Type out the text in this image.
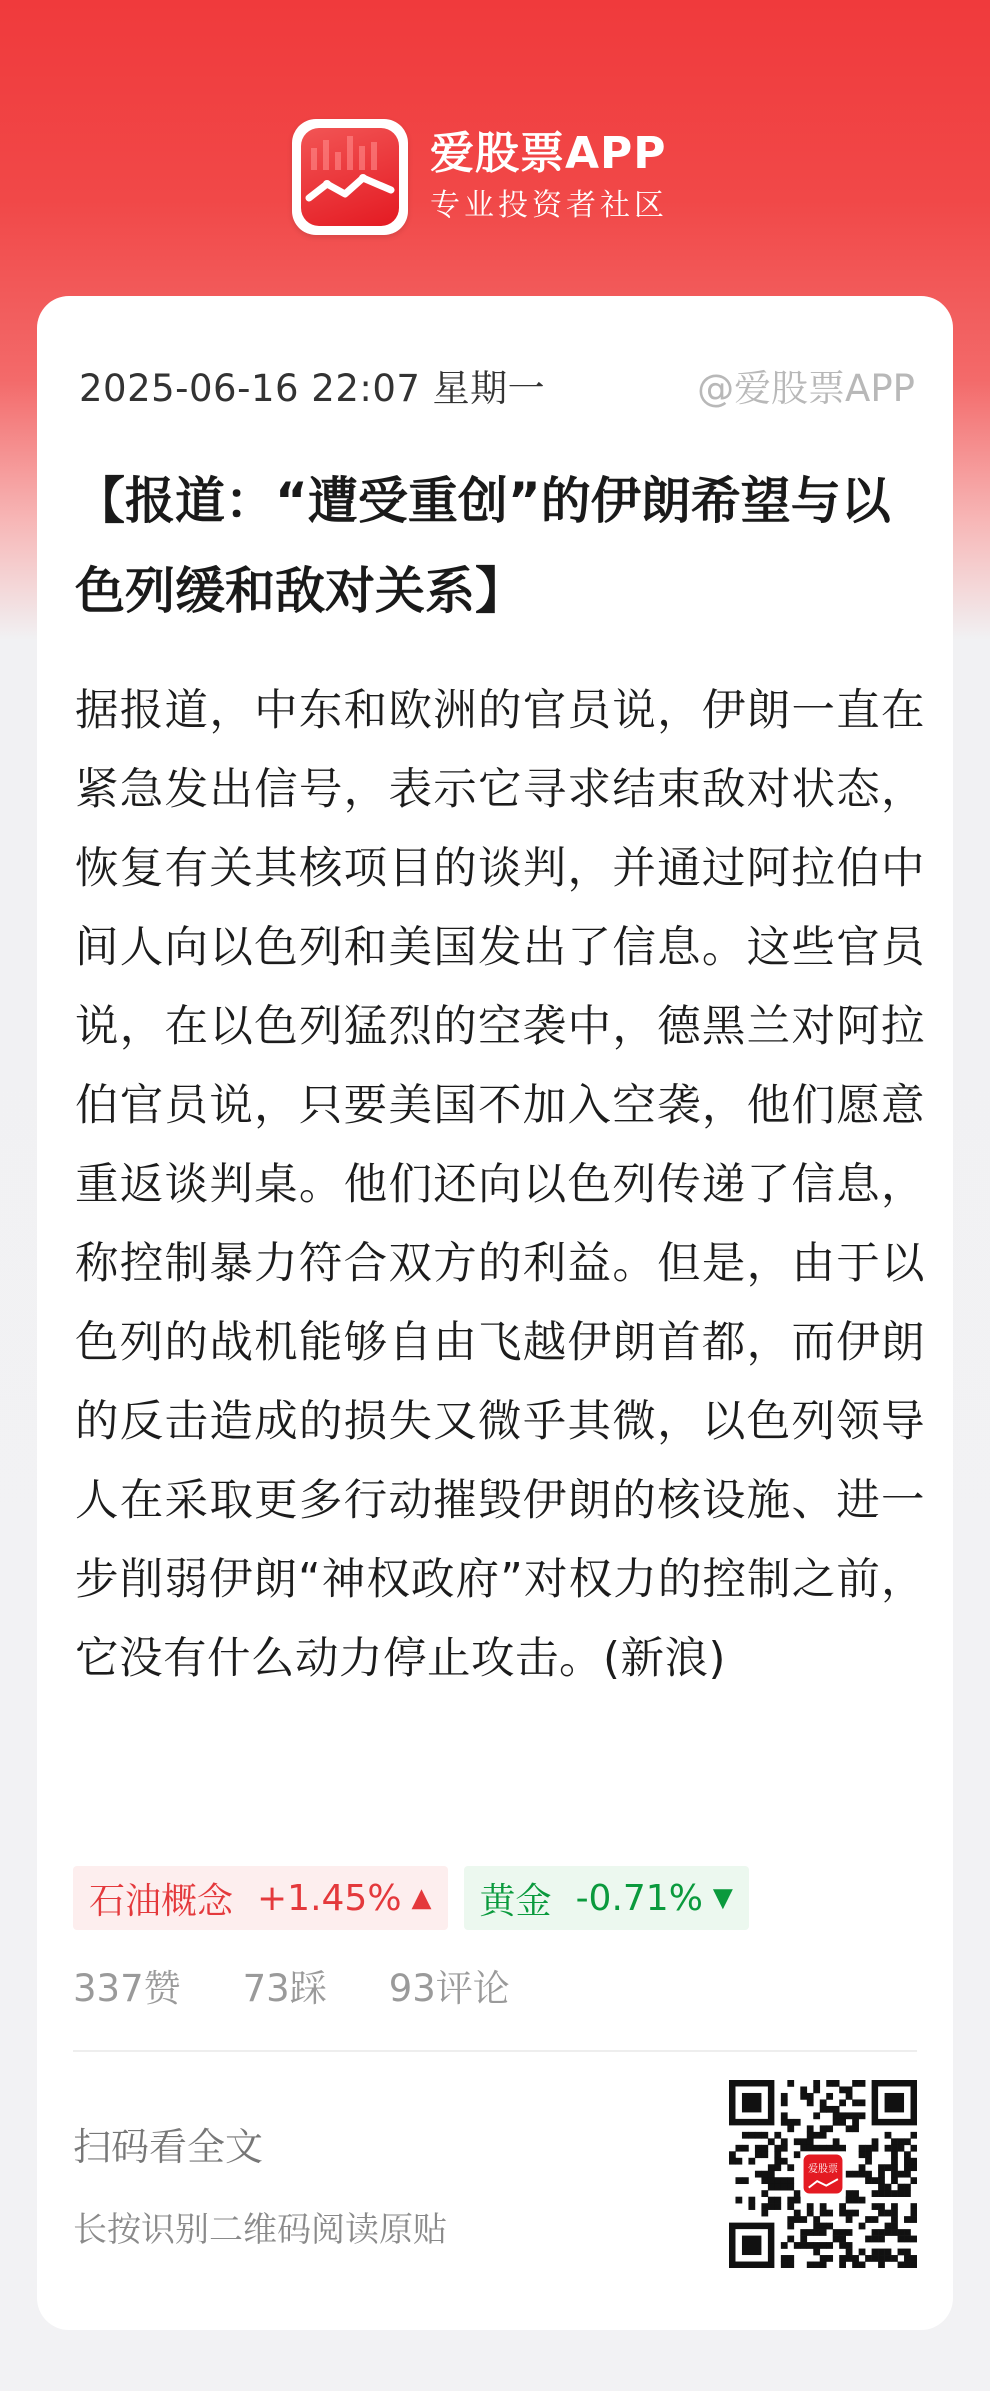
爱股票APP
专业投资者社区
2025-06-16 22:07 星期一	@爱股票APP
【报道：“遭受重创”的伊朗希望与以色列缓和敌对关系】
据报道，中东和欧洲的官员说，伊朗一直在紧急发出信号，表示它寻求结束敌对状态，恢复有关其核项目的谈判，并通过阿拉伯中间人向以色列和美国发出了信息。这些官员说，在以色列猛烈的空袭中，德黑兰对阿拉伯官员说，只要美国不加入空袭，他们愿意重返谈判桌。他们还向以色列传递了信息，称控制暴力符合双方的利益。但是，由于以色列的战机能够自由飞越伊朗首都，而伊朗的反击造成的损失又微乎其微，以色列领导人在采取更多行动摧毁伊朗的核设施、进一步削弱伊朗“神权政府”对权力的控制之前，它没有什么动力停止攻击。(新浪)
石油概念 +1.45% ▲ 黄金 -0.71% ▼
337赞 73踩 93评论
扫码看全文
长按识别二维码阅读原贴
爱股票
